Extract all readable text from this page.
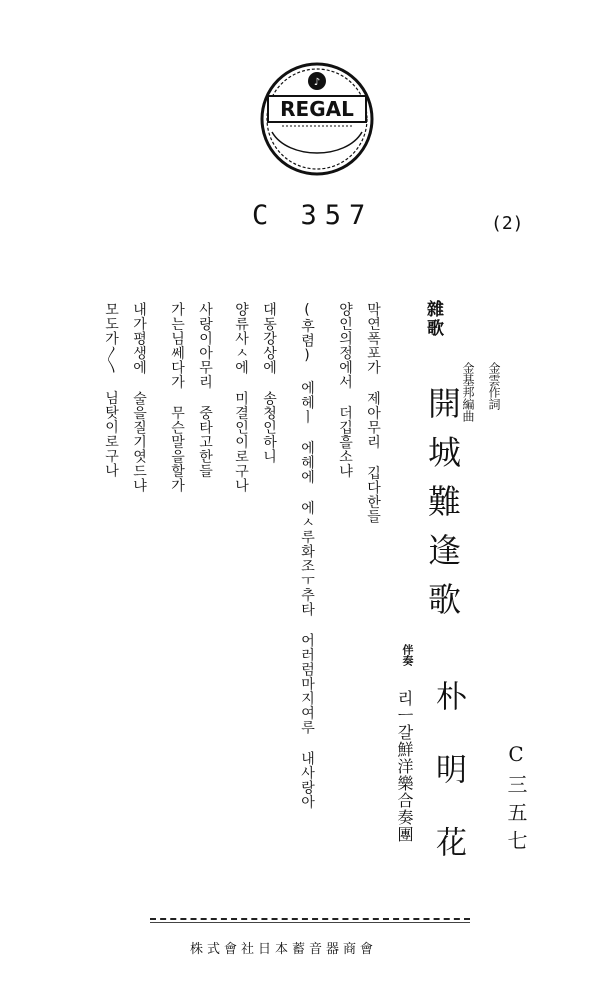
♪
REGAL
C 357	(2)
雜歌
金雲作詞
金基邦編曲
開城難逢歌
막연폭포가 제아무리 깁다한들
양인의정에서 더깁흘소냐
(후렴) 에헤ㅣ 에헤에 에ㅅ루화조ㅜ추타 어러럼마지여루 내사랑아
대동강상에 송청인하니
양류사ㅅ에 미결인이로구나
사랑이아무리 중타고한들
가는님쎄다가 무슨말을할가
내가평생에 술을질기엿드냐
모도가〳〵 님탓이로구나
伴奏
리ㅡ갈鮮洋樂合奏團 朴明花 C三五七
株式會社日本蓄音器商會
